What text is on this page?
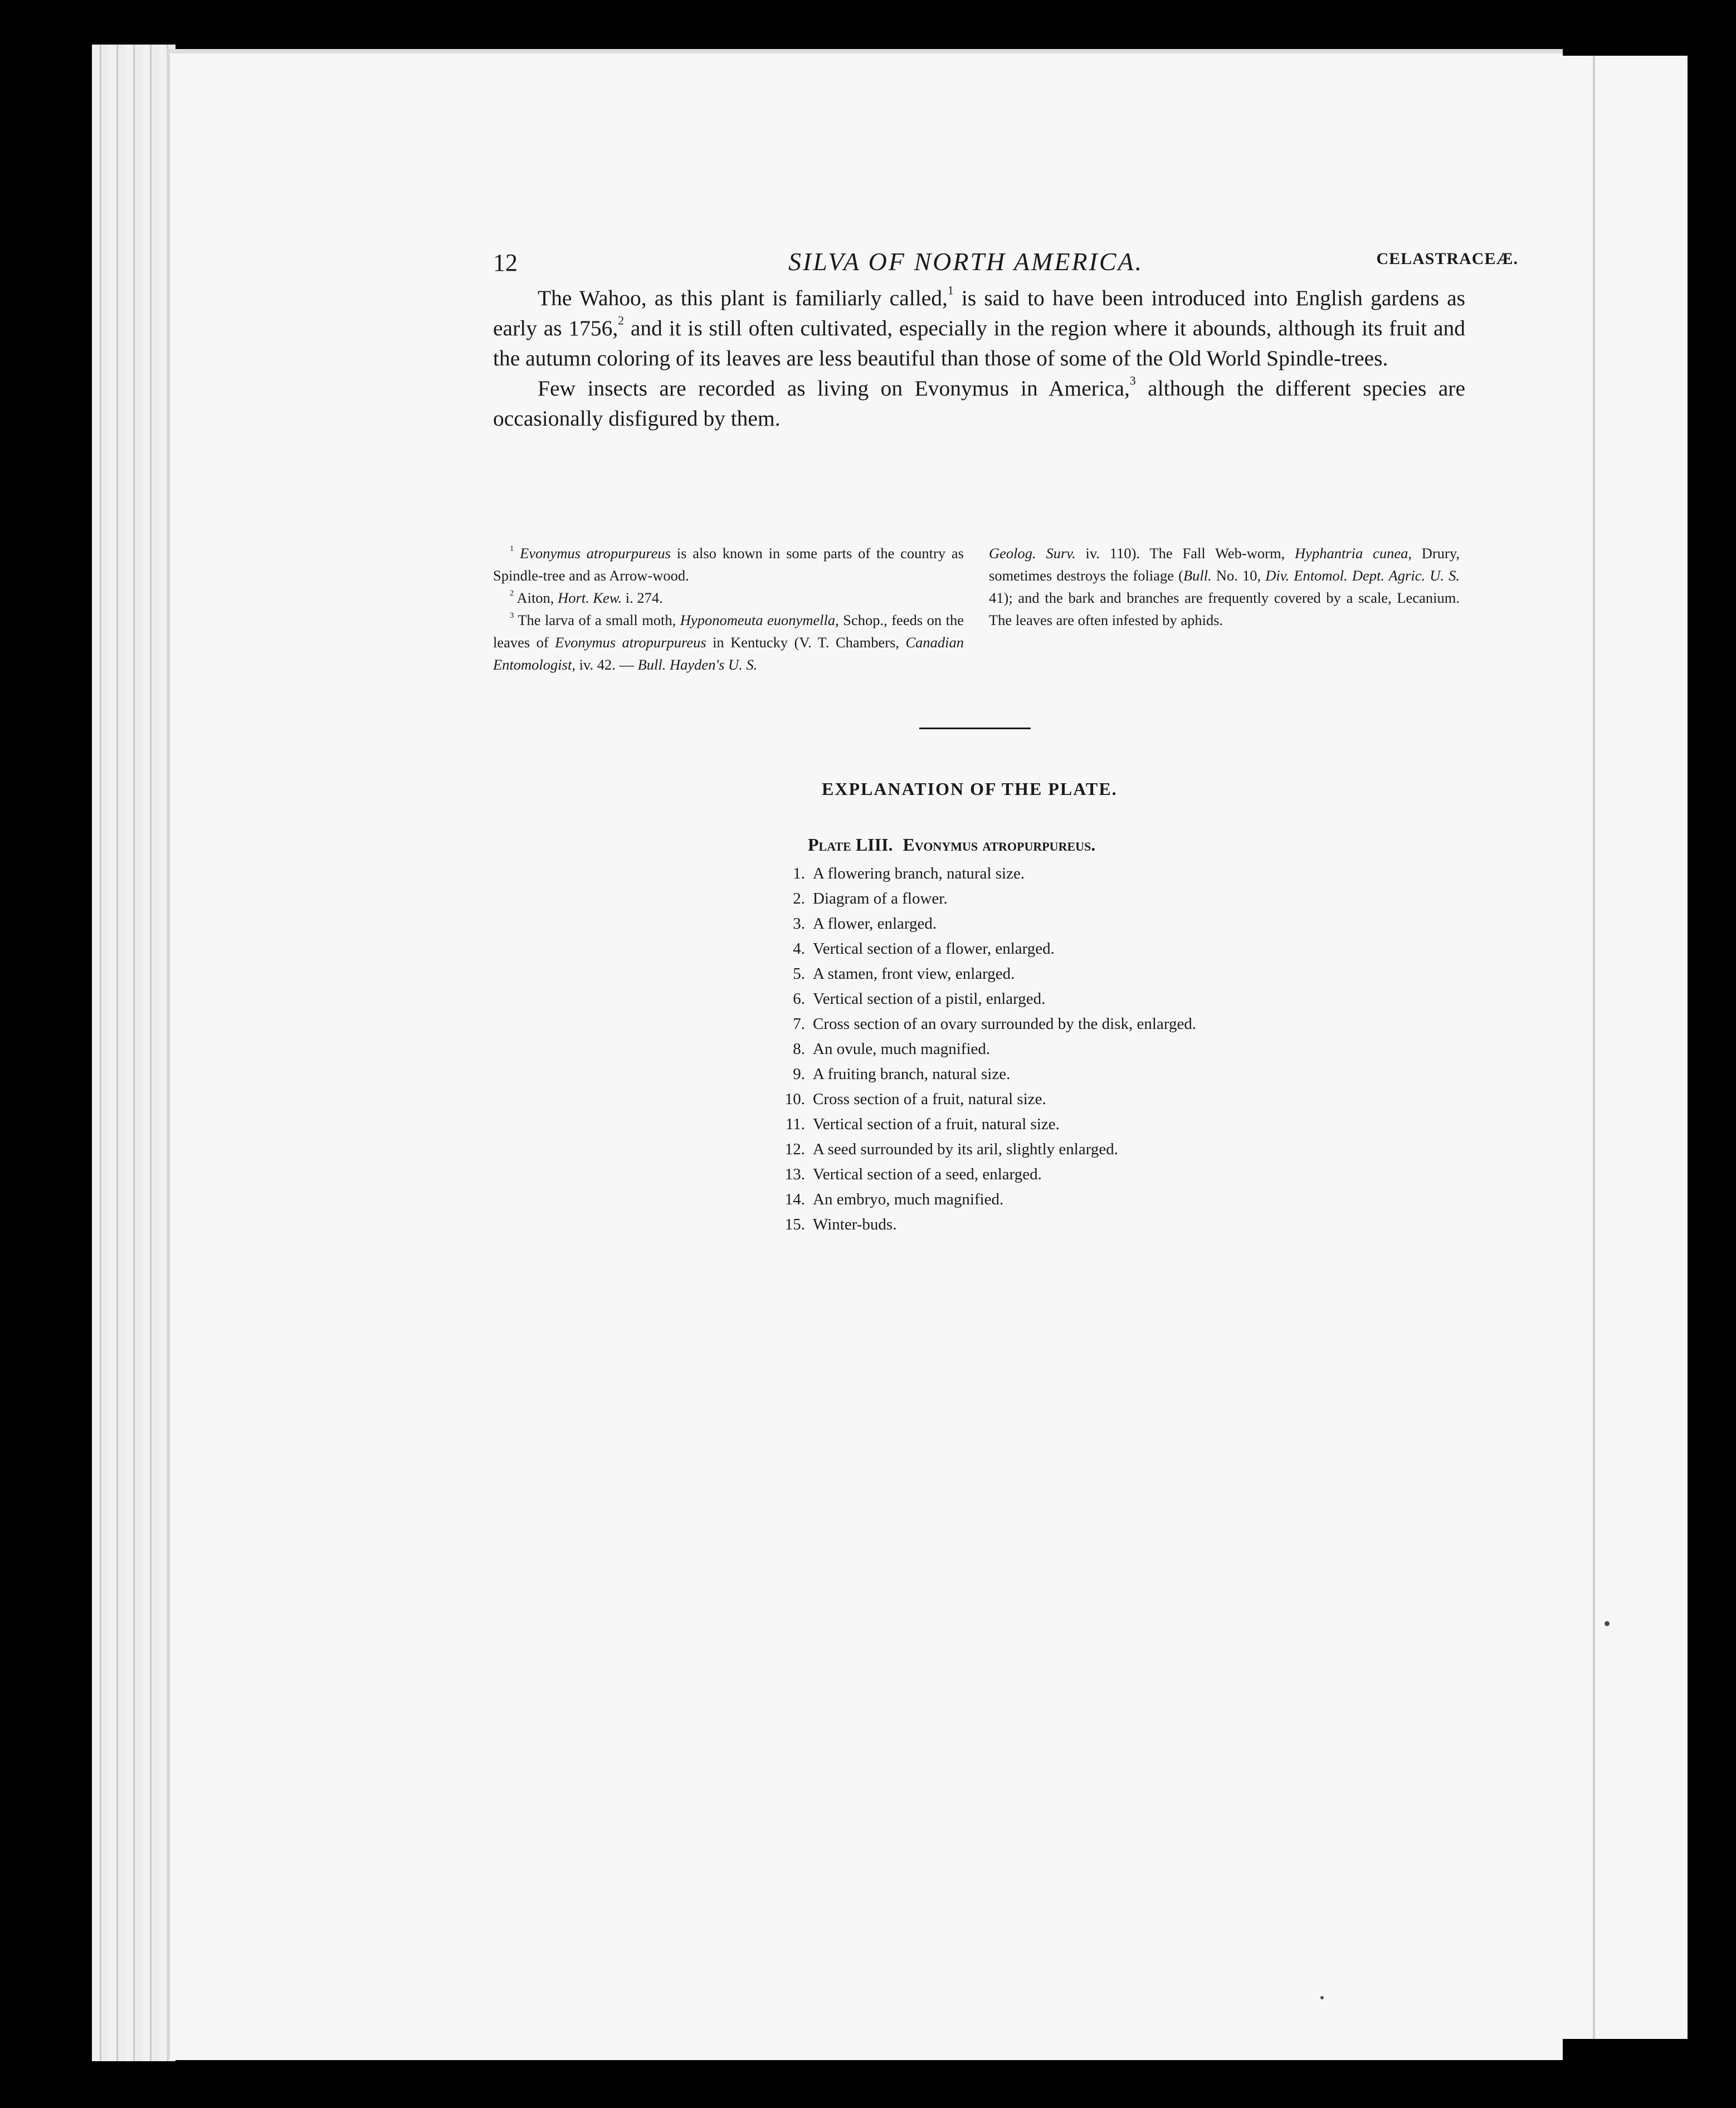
12	SILVA OF NORTH AMERICA.	CELASTRACEÆ.

The Wahoo, as this plant is familiarly called,$^1$ is said to have been introduced into English gardens as early as 1756,$^2$ and it is still often cultivated, especially in the region where it abounds, although its fruit and the autumn coloring of its leaves are less beautiful than those of some of the Old World Spindle-trees.

Few insects are recorded as living on Evonymus in America,$^3$ although the different species are occasionally disfigured by them.

$^1$ Evonymus atropurpureus is also known in some parts of the country as Spindle-tree and as Arrow-wood.

$^2$ Aiton, Hort. Kew. i. 274.

$^3$ The larva of a small moth, Hyponomeuta euonymella, Schop., feeds on the leaves of Evonymus atropurpureus in Kentucky (V. T. Chambers, Canadian Entomologist, iv. 42. — Bull. Hayden's U. S.

Geolog. Surv. iv. 110). The Fall Web-worm, Hyphantria cunea, Drury, sometimes destroys the foliage (Bull. No. 10, Div. Entomol. Dept. Agric. U. S. 41); and the bark and branches are frequently covered by a scale, Lecanium. The leaves are often infested by aphids.

EXPLANATION OF THE PLATE.
Plate LIII. Evonymus atropurpureus.
1. A flowering branch, natural size.
2. Diagram of a flower.
3. A flower, enlarged.
4. Vertical section of a flower, enlarged.
5. A stamen, front view, enlarged.
6. Vertical section of a pistil, enlarged.
7. Cross section of an ovary surrounded by the disk, enlarged.
8. An ovule, much magnified.
9. A fruiting branch, natural size.
10. Cross section of a fruit, natural size.
11. Vertical section of a fruit, natural size.
12. A seed surrounded by its aril, slightly enlarged.
13. Vertical section of a seed, enlarged.
14. An embryo, much magnified.
15. Winter-buds.
